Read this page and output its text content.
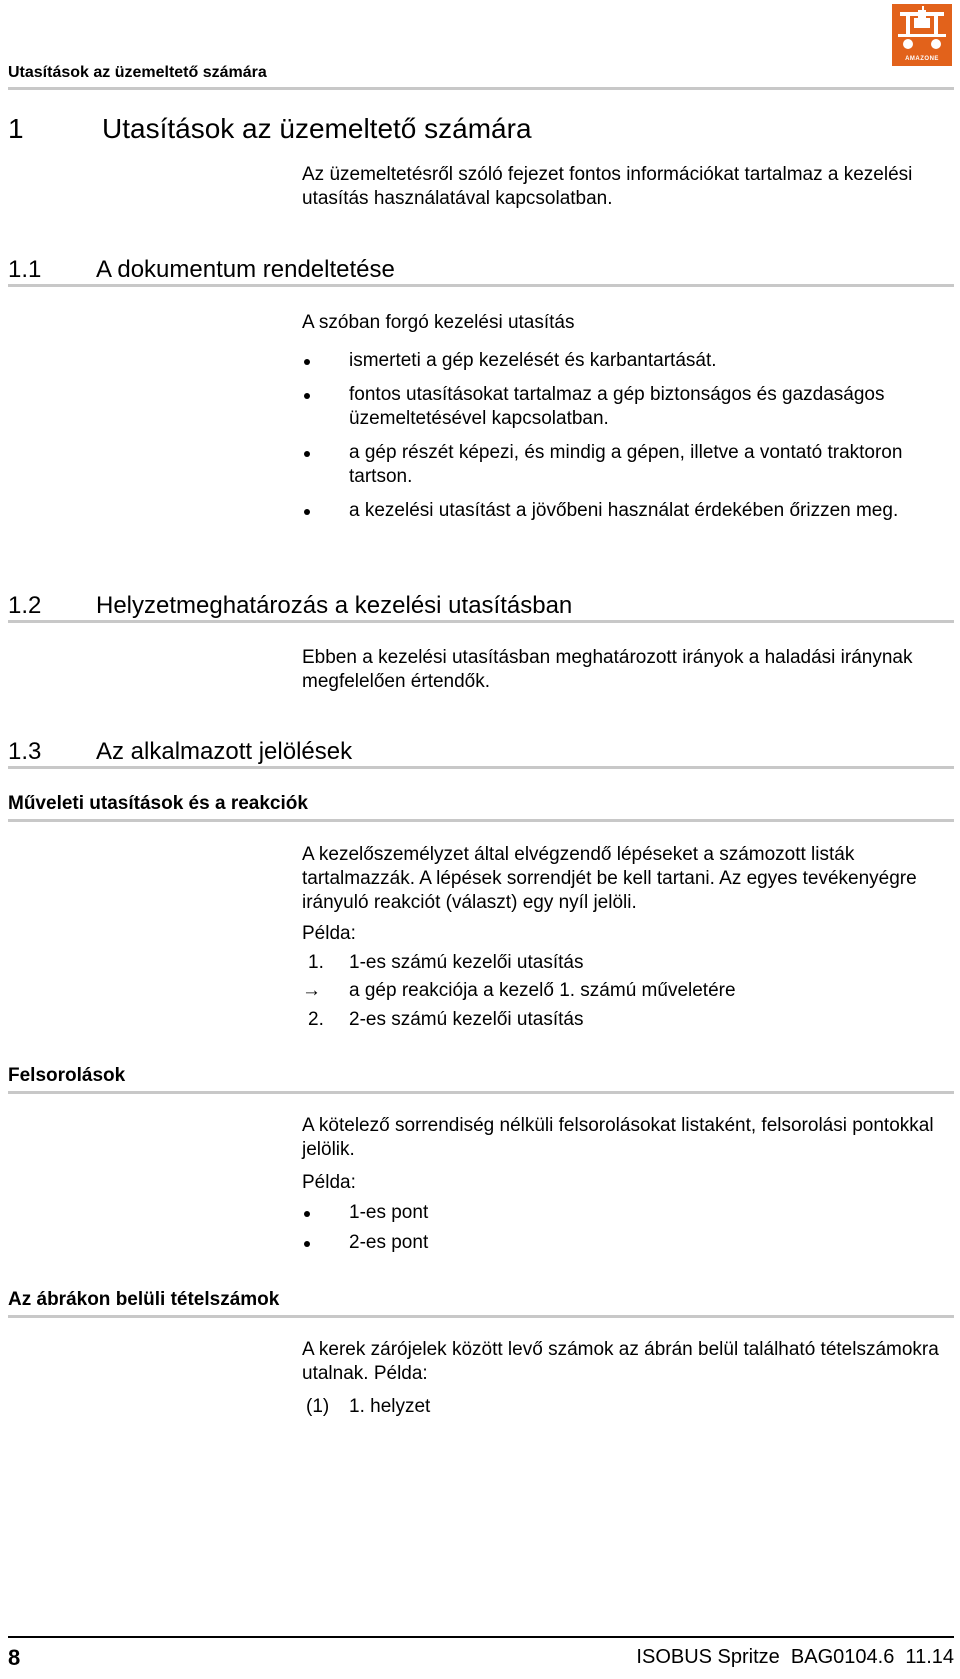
Utasítások az üzemeltető számára
AMAZONE
1	Utasítások az üzemeltető számára
Az üzemeltetésről szóló fejezet fontos információkat tartalmaz a kezelési utasítás használatával kapcsolatban.
1.1 A dokumentum rendeltetése
A szóban forgó kezelési utasítás
ismerteti a gép kezelését és karbantartását.
fontos utasításokat tartalmaz a gép biztonságos és gazdaságos üzemeltetésével kapcsolatban.
a gép részét képezi, és mindig a gépen, illetve a vontató traktoron tartson.
a kezelési utasítást a jövőbeni használat érdekében őrizzen meg.
1.2 Helyzetmeghatározás a kezelési utasításban
Ebben a kezelési utasításban meghatározott irányok a haladási iránynak megfelelően értendők.
1.3 Az alkalmazott jelölések
Műveleti utasítások és a reakciók
A kezelőszemélyzet által elvégzendő lépéseket a számozott listák tartalmazzák. A lépések sorrendjét be kell tartani. Az egyes tevékenyégre irányuló reakciót (választ) egy nyíl jelöli.
Példa:
1. 1-es számú kezelői utasítás
→ a gép reakciója a kezelő 1. számú műveletére
2. 2-es számú kezelői utasítás
Felsorolások
A kötelező sorrendiség nélküli felsorolásokat listaként, felsorolási pontokkal jelölik.
Példa:
1-es pont
2-es pont
Az ábrákon belüli tételszámok
A kerek zárójelek között levő számok az ábrán belül található tételszámokra utalnak. Példa:
(1)	1. helyzet
8	ISOBUS Spritze  BAG0104.6  11.14
